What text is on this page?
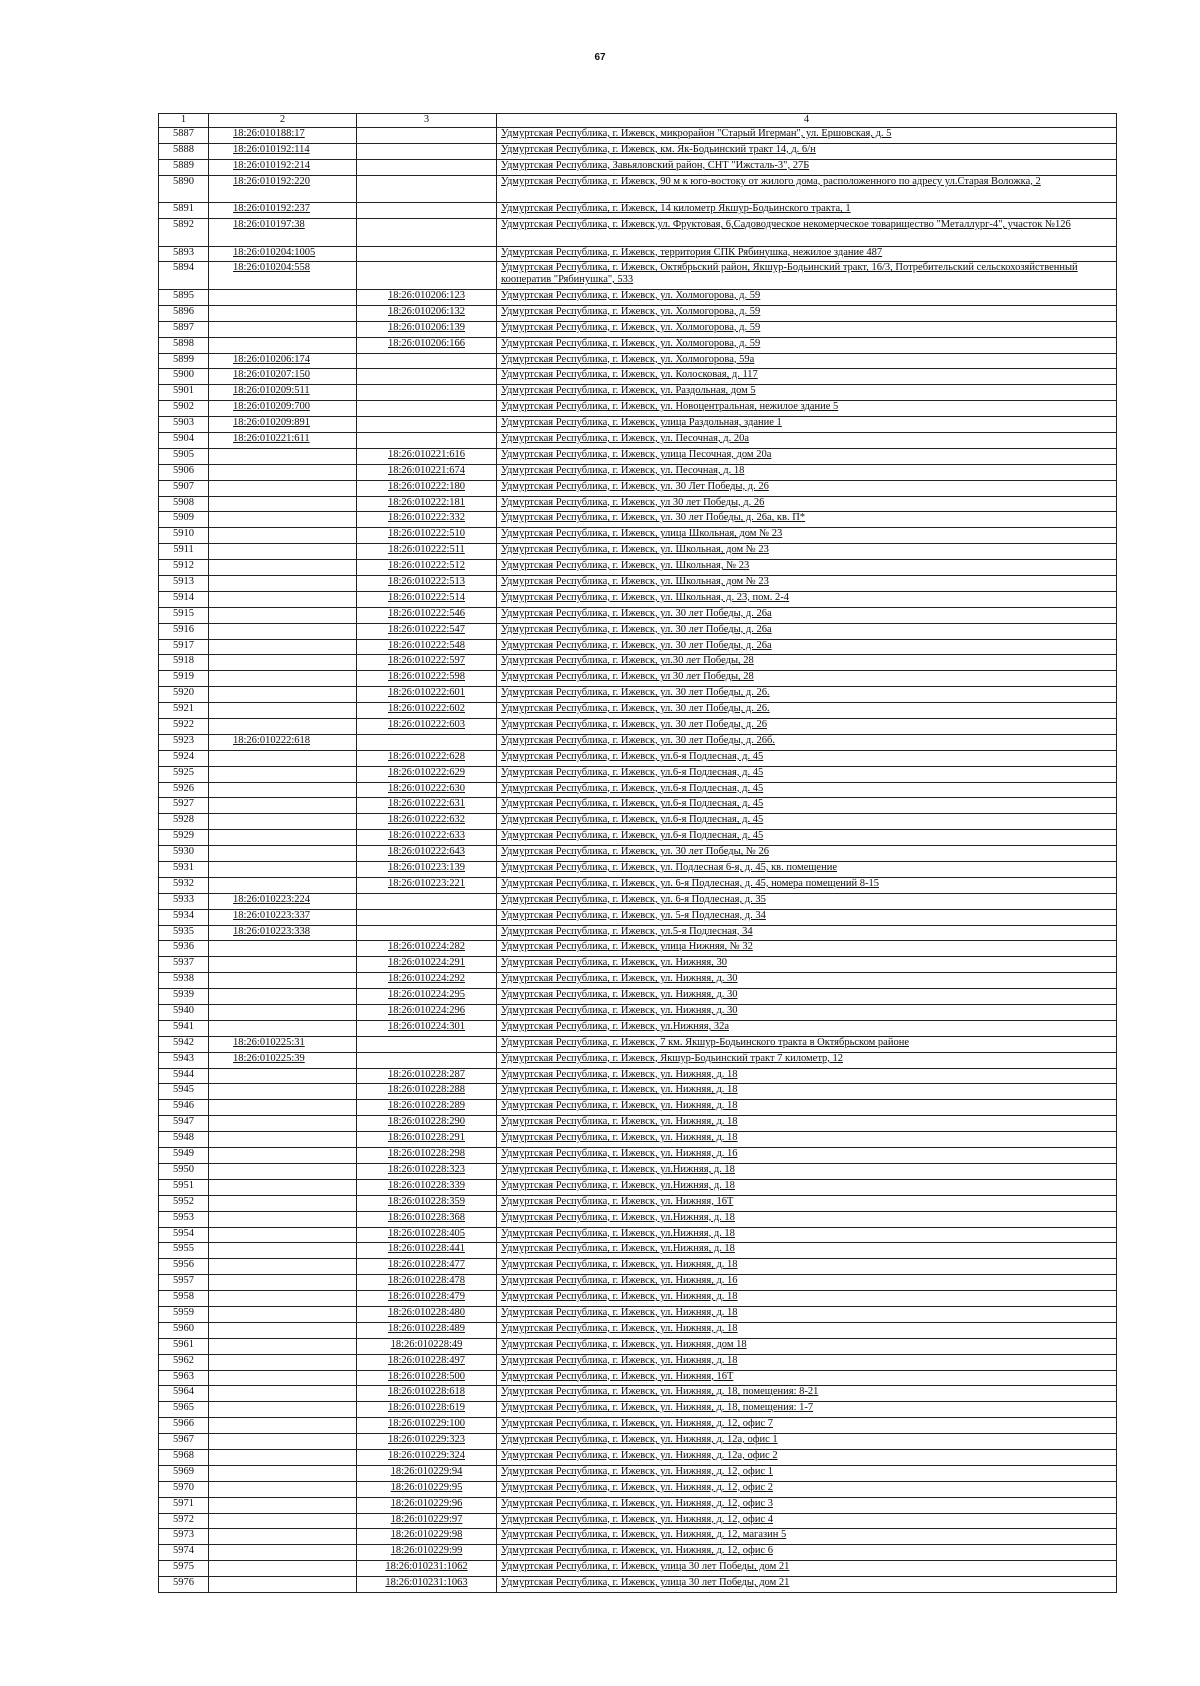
67
1	2	3	4
5887	18:26:010188:17		Удмуртская Республика, г. Ижевск, микрорайон "Старый Игерман", ул. Ершовская, д. 5
5888	18:26:010192:114		Удмуртская Республика, г. Ижевск, км. Як-Бодьинский тракт 14, д. 6/н
5889	18:26:010192:214		Удмуртская Республика, Завьяловский район, СНТ "Ижсталь-3", 27Б
5890	18:26:010192:220		Удмуртская Республика, г. Ижевск, 90 м к юго-востоку от жилого дома, расположенного по адресу ул.Старая Воложка, 2
5891	18:26:010192:237		Удмуртская Республика, г. Ижевск, 14 километр Якшур-Бодьинского тракта, 1
5892	18:26:010197:38		Удмуртская Республика, г. Ижевск,ул. Фруктовая, 6,Садоводческое некомерческое товарищество "Металлург-4", участок №126
5893	18:26:010204:1005		Удмуртская Республика, г. Ижевск, территория СПК Рябинушка, нежилое здание 487
5894	18:26:010204:558		Удмуртская Республика, г. Ижевск, Октябрьский район, Якшур-Бодьинский тракт, 16/3, Потребительский сельскохозяйственный кооператив "Рябинушка", 533
5895		18:26:010206:123	Удмуртская Республика, г. Ижевск, ул. Холмогорова, д. 59
5896		18:26:010206:132	Удмуртская Республика, г. Ижевск, ул. Холмогорова, д. 59
5897		18:26:010206:139	Удмуртская Республика, г. Ижевск, ул. Холмогорова, д. 59
5898		18:26:010206:166	Удмуртская Республика, г. Ижевск, ул. Холмогорова, д. 59
5899	18:26:010206:174		Удмуртская Республика, г. Ижевск, ул. Холмогорова, 59а
5900	18:26:010207:150		Удмуртская Республика, г. Ижевск, ул. Колосковая, д. 117
5901	18:26:010209:511		Удмуртская Республика, г. Ижевск, ул. Раздольная, дом 5
5902	18:26:010209:700		Удмуртская Республика, г. Ижевск, ул. Новоцентральная, нежилое здание 5
5903	18:26:010209:891		Удмуртская Республика, г. Ижевск, улица Раздольная, здание 1
5904	18:26:010221:611		Удмуртская Республика, г. Ижевск, ул. Песочная, д. 20а
5905		18:26:010221:616	Удмуртская Республика, г. Ижевск, улица Песочная, дом 20а
5906		18:26:010221:674	Удмуртская Республика, г. Ижевск, ул. Песочная, д. 18
5907		18:26:010222:180	Удмуртская Республика, г. Ижевск, ул. 30 Лет Победы, д. 26
5908		18:26:010222:181	Удмуртская Республика, г. Ижевск, ул 30 лет Победы, д. 26
5909		18:26:010222:332	Удмуртская Республика, г. Ижевск, ул. 30 лет Победы, д. 26а, кв. П*
5910		18:26:010222:510	Удмуртская Республика, г. Ижевск, улица Школьная, дом № 23
5911		18:26:010222:511	Удмуртская Республика, г. Ижевск, ул. Школьная, дом № 23
5912		18:26:010222:512	Удмуртская Республика, г. Ижевск, ул. Школьная, № 23
5913		18:26:010222:513	Удмуртская Республика, г. Ижевск, ул. Школьная, дом № 23
5914		18:26:010222:514	Удмуртская Республика, г. Ижевск, ул. Школьная, д. 23, пом. 2-4
5915		18:26:010222:546	Удмуртская Республика, г. Ижевск, ул. 30 лет Победы, д. 26а
5916		18:26:010222:547	Удмуртская Республика, г. Ижевск, ул. 30 лет Победы, д. 26а
5917		18:26:010222:548	Удмуртская Республика, г. Ижевск, ул. 30 лет Победы, д. 26а
5918		18:26:010222:597	Удмуртская Республика, г. Ижевск, ул.30 лет Победы, 28
5919		18:26:010222:598	Удмуртская Республика, г. Ижевск, ул 30 лет Победы, 28
5920		18:26:010222:601	Удмуртская Республика, г. Ижевск, ул. 30 лет Победы, д. 26.
5921		18:26:010222:602	Удмуртская Республика, г. Ижевск, ул. 30 лет Победы, д. 26.
5922		18:26:010222:603	Удмуртская Республика, г. Ижевск, ул. 30 лет Победы, д. 26
5923	18:26:010222:618		Удмуртская Республика, г. Ижевск, ул. 30 лет Победы, д. 26б.
5924		18:26:010222:628	Удмуртская Республика, г. Ижевск, ул.6-я Подлесная, д. 45
5925		18:26:010222:629	Удмуртская Республика, г. Ижевск, ул.6-я Подлесная, д. 45
5926		18:26:010222:630	Удмуртская Республика, г. Ижевск, ул.6-я Подлесная, д. 45
5927		18:26:010222:631	Удмуртская Республика, г. Ижевск, ул.6-я Подлесная, д. 45
5928		18:26:010222:632	Удмуртская Республика, г. Ижевск, ул.6-я Подлесная, д. 45
5929		18:26:010222:633	Удмуртская Республика, г. Ижевск, ул.6-я Подлесная, д. 45
5930		18:26:010222:643	Удмуртская Республика, г. Ижевск, ул. 30 лет Победы, № 26
5931		18:26:010223:139	Удмуртская Республика, г. Ижевск, ул. Подлесная 6-я, д. 45, кв. помещение
5932		18:26:010223:221	Удмуртская Республика, г. Ижевск, ул. 6-я Подлесная, д. 45, номера помещений 8-15
5933	18:26:010223:224		Удмуртская Республика, г. Ижевск, ул. 6-я Подлесная, д. 35
5934	18:26:010223:337		Удмуртская Республика, г. Ижевск, ул. 5-я Подлесная, д. 34
5935	18:26:010223:338		Удмуртская Республика, г. Ижевск, ул.5-я Подлесная, 34
5936		18:26:010224:282	Удмуртская Республика, г. Ижевск, улица Нижняя, № 32
5937		18:26:010224:291	Удмуртская Республика, г. Ижевск, ул. Нижняя, 30
5938		18:26:010224:292	Удмуртская Республика, г. Ижевск, ул. Нижняя, д. 30
5939		18:26:010224:295	Удмуртская Республика, г. Ижевск, ул. Нижняя, д. 30
5940		18:26:010224:296	Удмуртская Республика, г. Ижевск, ул. Нижняя, д. 30
5941		18:26:010224:301	Удмуртская Республика, г. Ижевск, ул.Нижняя, 32а
5942	18:26:010225:31		Удмуртская Республика, г. Ижевск, 7 км. Якшур-Бодьинского тракта в Октябрьском районе
5943	18:26:010225:39		Удмуртская Республика, г. Ижевск, Якшур-Бодьинский тракт 7 километр, 12
5944		18:26:010228:287	Удмуртская Республика, г. Ижевск, ул. Нижняя, д. 18
5945		18:26:010228:288	Удмуртская Республика, г. Ижевск, ул. Нижняя, д. 18
5946		18:26:010228:289	Удмуртская Республика, г. Ижевск, ул. Нижняя, д. 18
5947		18:26:010228:290	Удмуртская Республика, г. Ижевск, ул. Нижняя, д. 18
5948		18:26:010228:291	Удмуртская Республика, г. Ижевск, ул. Нижняя, д. 18
5949		18:26:010228:298	Удмуртская Республика, г. Ижевск, ул. Нижняя, д. 16
5950		18:26:010228:323	Удмуртская Республика, г. Ижевск, ул.Нижняя, д. 18
5951		18:26:010228:339	Удмуртская Республика, г. Ижевск, ул.Нижняя, д. 18
5952		18:26:010228:359	Удмуртская Республика, г. Ижевск, ул. Нижняя, 16Т
5953		18:26:010228:368	Удмуртская Республика, г. Ижевск, ул.Нижняя, д. 18
5954		18:26:010228:405	Удмуртская Республика, г. Ижевск, ул.Нижняя, д. 18
5955		18:26:010228:441	Удмуртская Республика, г. Ижевск, ул.Нижняя, д. 18
5956		18:26:010228:477	Удмуртская Республика, г. Ижевск, ул. Нижняя, д. 18
5957		18:26:010228:478	Удмуртская Республика, г. Ижевск, ул. Нижняя, д. 16
5958		18:26:010228:479	Удмуртская Республика, г. Ижевск, ул. Нижняя, д. 18
5959		18:26:010228:480	Удмуртская Республика, г. Ижевск, ул. Нижняя, д. 18
5960		18:26:010228:489	Удмуртская Республика, г. Ижевск, ул. Нижняя, д. 18
5961		18:26:010228:49	Удмуртская Республика, г. Ижевск, ул. Нижняя, дом 18
5962		18:26:010228:497	Удмуртская Республика, г. Ижевск, ул. Нижняя, д. 18
5963		18:26:010228:500	Удмуртская Республика, г. Ижевск, ул. Нижняя, 16Т
5964		18:26:010228:618	Удмуртская Республика, г. Ижевск, ул. Нижняя, д. 18, помещения: 8-21
5965		18:26:010228:619	Удмуртская Республика, г. Ижевск, ул. Нижняя, д. 18, помещения: 1-7
5966		18:26:010229:100	Удмуртская Республика, г. Ижевск, ул. Нижняя, д. 12, офис 7
5967		18:26:010229:323	Удмуртская Республика, г. Ижевск, ул. Нижняя, д. 12а, офис 1
5968		18:26:010229:324	Удмуртская Республика, г. Ижевск, ул. Нижняя, д. 12а, офис 2
5969		18:26:010229:94	Удмуртская Республика, г. Ижевск, ул. Нижняя, д. 12, офис 1
5970		18:26:010229:95	Удмуртская Республика, г. Ижевск, ул. Нижняя, д. 12, офис 2
5971		18:26:010229:96	Удмуртская Республика, г. Ижевск, ул. Нижняя, д. 12, офис 3
5972		18:26:010229:97	Удмуртская Республика, г. Ижевск, ул. Нижняя, д. 12, офис 4
5973		18:26:010229:98	Удмуртская Республика, г. Ижевск, ул. Нижняя, д. 12, магазин 5
5974		18:26:010229:99	Удмуртская Республика, г. Ижевск, ул. Нижняя, д. 12, офис 6
5975		18:26:010231:1062	Удмуртская Республика, г. Ижевск, улица 30 лет Победы, дом 21
5976		18:26:010231:1063	Удмуртская Республика, г. Ижевск, улица 30 лет Победы, дом 21
